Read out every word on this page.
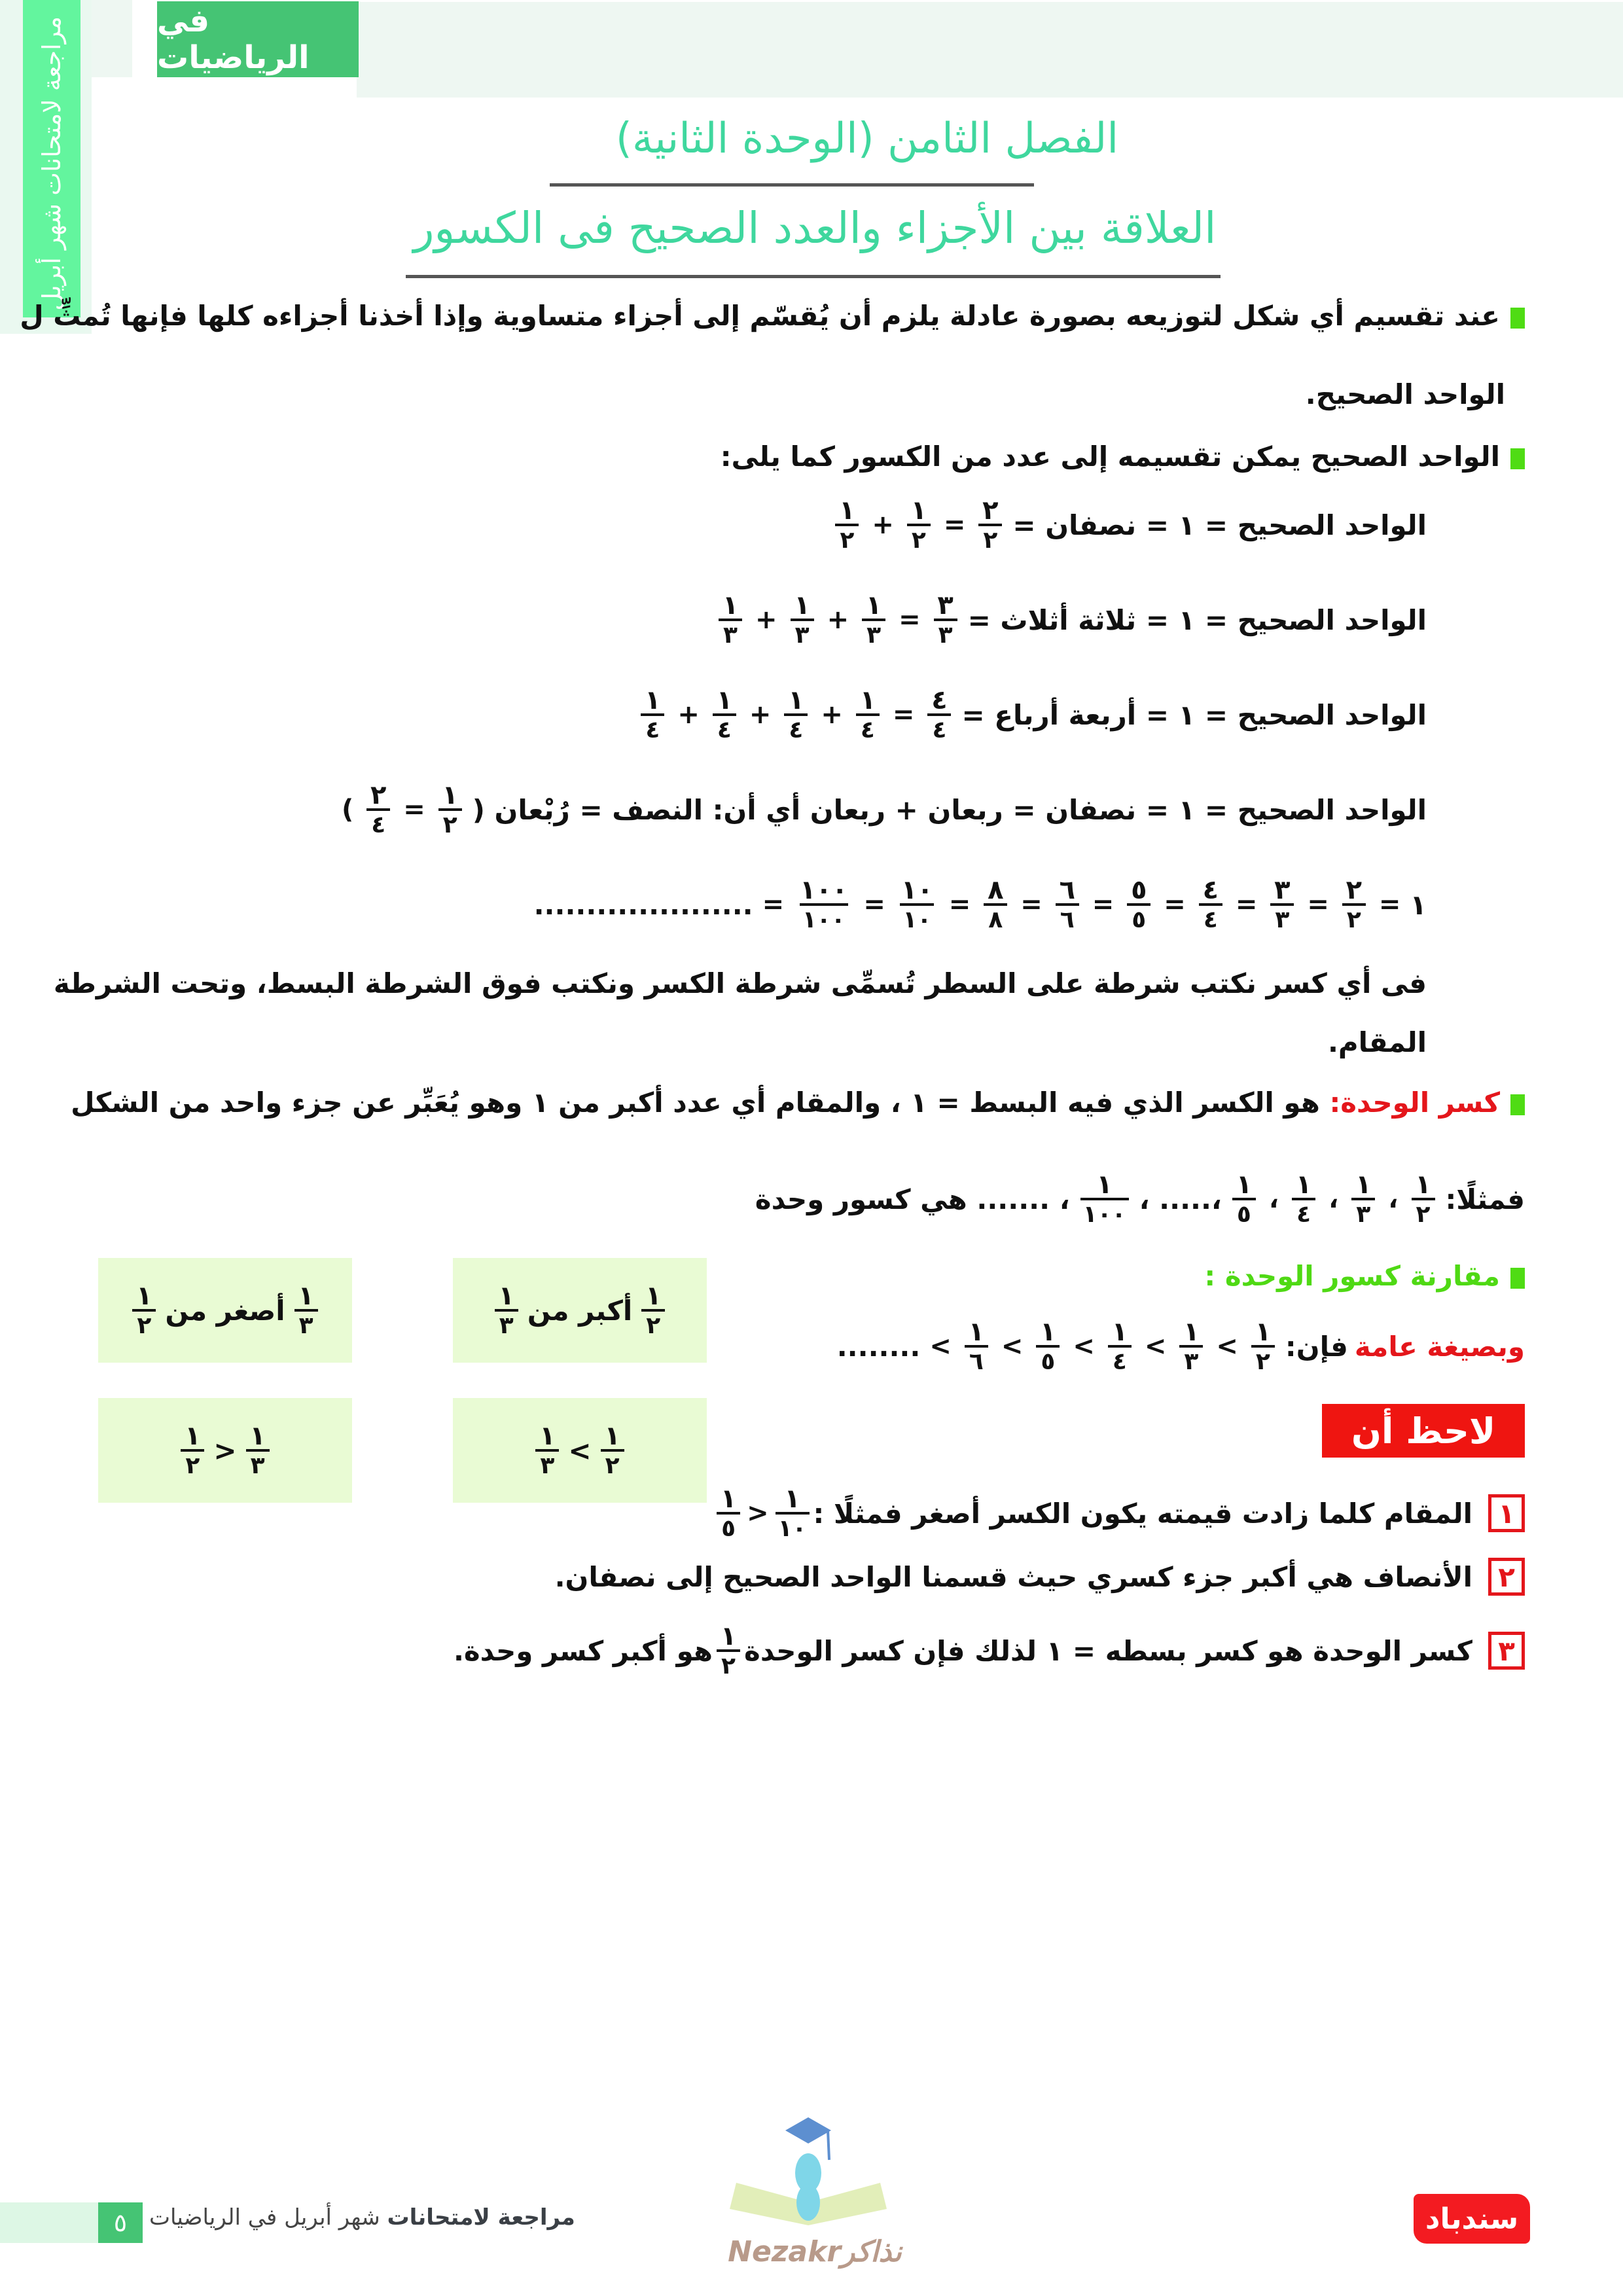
في الرياضيات
مراجعة لامتحانات شهر أبريل	الفصل الثامن (الوحدة الثانية)
العلاقة بين الأجزاء والعدد الصحيح فى الكسور
عند تقسيم أي شكل لتوزيعه بصورة عادلة يلزم أن يُقسّم إلى أجزاء متساوية وإذا أخذنا أجزاءه كلها فإنها تُمثِّ ل
الواحد الصحيح.
الواحد الصحيح يمكن تقسيمه إلى عدد من الكسور كما يلى:
الواحد الصحيح = ١ = نصفان =
$\frac{٢}{٢}$
=
$\frac{١}{٢}$
+
$\frac{١}{٢}$
الواحد الصحيح = ١ = ثلاثة أثلاث =
$\frac{٣}{٣}$
=
$\frac{١}{٣}$
+
$\frac{١}{٣}$
+
$\frac{١}{٣}$
الواحد الصحيح = ١ = أربعة أرباع =
$\frac{٤}{٤}$
=
$\frac{١}{٤}$
+
$\frac{١}{٤}$
+
$\frac{١}{٤}$
+
$\frac{١}{٤}$
الواحد الصحيح = ١ = نصفان = ربعان + ربعان أي أن: النصف = رُبْعان (
$\frac{١}{٢}$
=
$\frac{٢}{٤}$
)
١
=
$\frac{٢}{٢}$
=
$\frac{٣}{٣}$
=
$\frac{٤}{٤}$
=
$\frac{٥}{٥}$
=
$\frac{٦}{٦}$
=
$\frac{٨}{٨}$
=
$\frac{١٠}{١٠}$
=
$\frac{١٠٠}{١٠٠}$
=
.....................
فى أي كسر نكتب شرطة على السطر تُسمِّى شرطة الكسر ونكتب فوق الشرطة البسط، وتحت الشرطة
المقام.
كسر الوحدة: هو الكسر الذي فيه البسط = ١ ، والمقام أي عدد أكبر من ١ وهو يُعَبِّر عن جزء واحد من الشكل
فمثلًا:
$\frac{١}{٢}$
،
$\frac{١}{٣}$
،
$\frac{١}{٤}$
،
$\frac{١}{٥}$
،..... ،
$\frac{١}{١٠٠}$
، ....... هي كسور وحدة
مقارنة كسور الوحدة :
وبصيغة عامة
فإن:
$\frac{١}{٢}$
>
$\frac{١}{٣}$
>
$\frac{١}{٤}$
>
$\frac{١}{٥}$
>
$\frac{١}{٦}$
>
........
$\frac{١}{٢}$
أكبر من
$\frac{١}{٣}$
$\frac{١}{٣}$
أصغر من
$\frac{١}{٢}$
$\frac{١}{٢}$
>
$\frac{١}{٣}$
$\frac{١}{٣}$
<
$\frac{١}{٢}$	لاحظ أن
١
المقام كلما زادت قيمته يكون الكسر أصغر فمثلًا :
$\frac{١}{١٠}$
<
$\frac{١}{٥}$
٢
الأنصاف هي أكبر جزء كسري حيث قسمنا الواحد الصحيح إلى نصفان.
٣
كسر الوحدة هو كسر بسطه = ١ لذلك فإن كسر الوحدة
$\frac{١}{٢}$
هو أكبر كسر وحدة.
٥	مراجعة لامتحانات شهر أبريل في الرياضيات
Nezakrنذاكر
سندباد
